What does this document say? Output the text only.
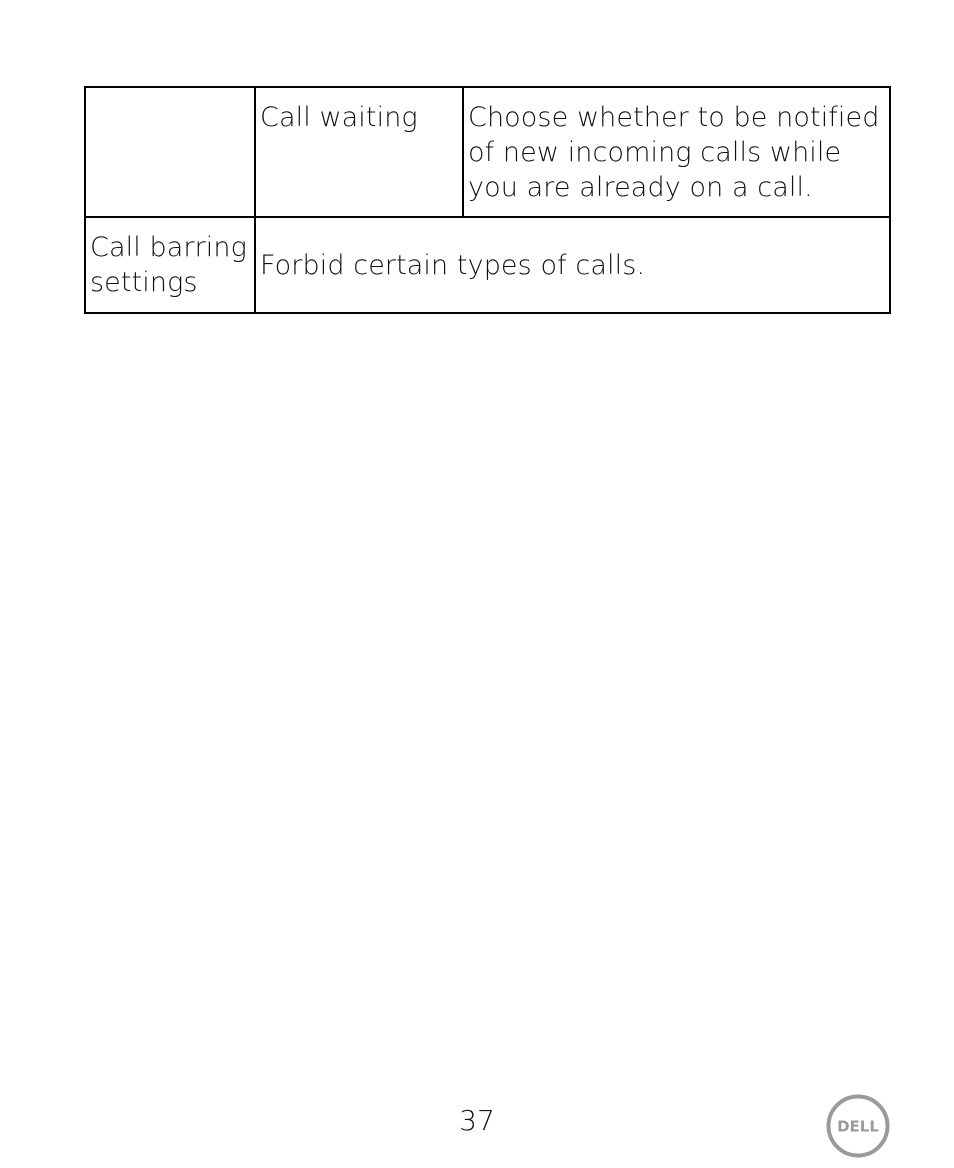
	Call waiting	Choose whether to be notified of new incoming calls while you are already on a call.
Call barring settings	Forbid certain types of calls.	
37	DELL
